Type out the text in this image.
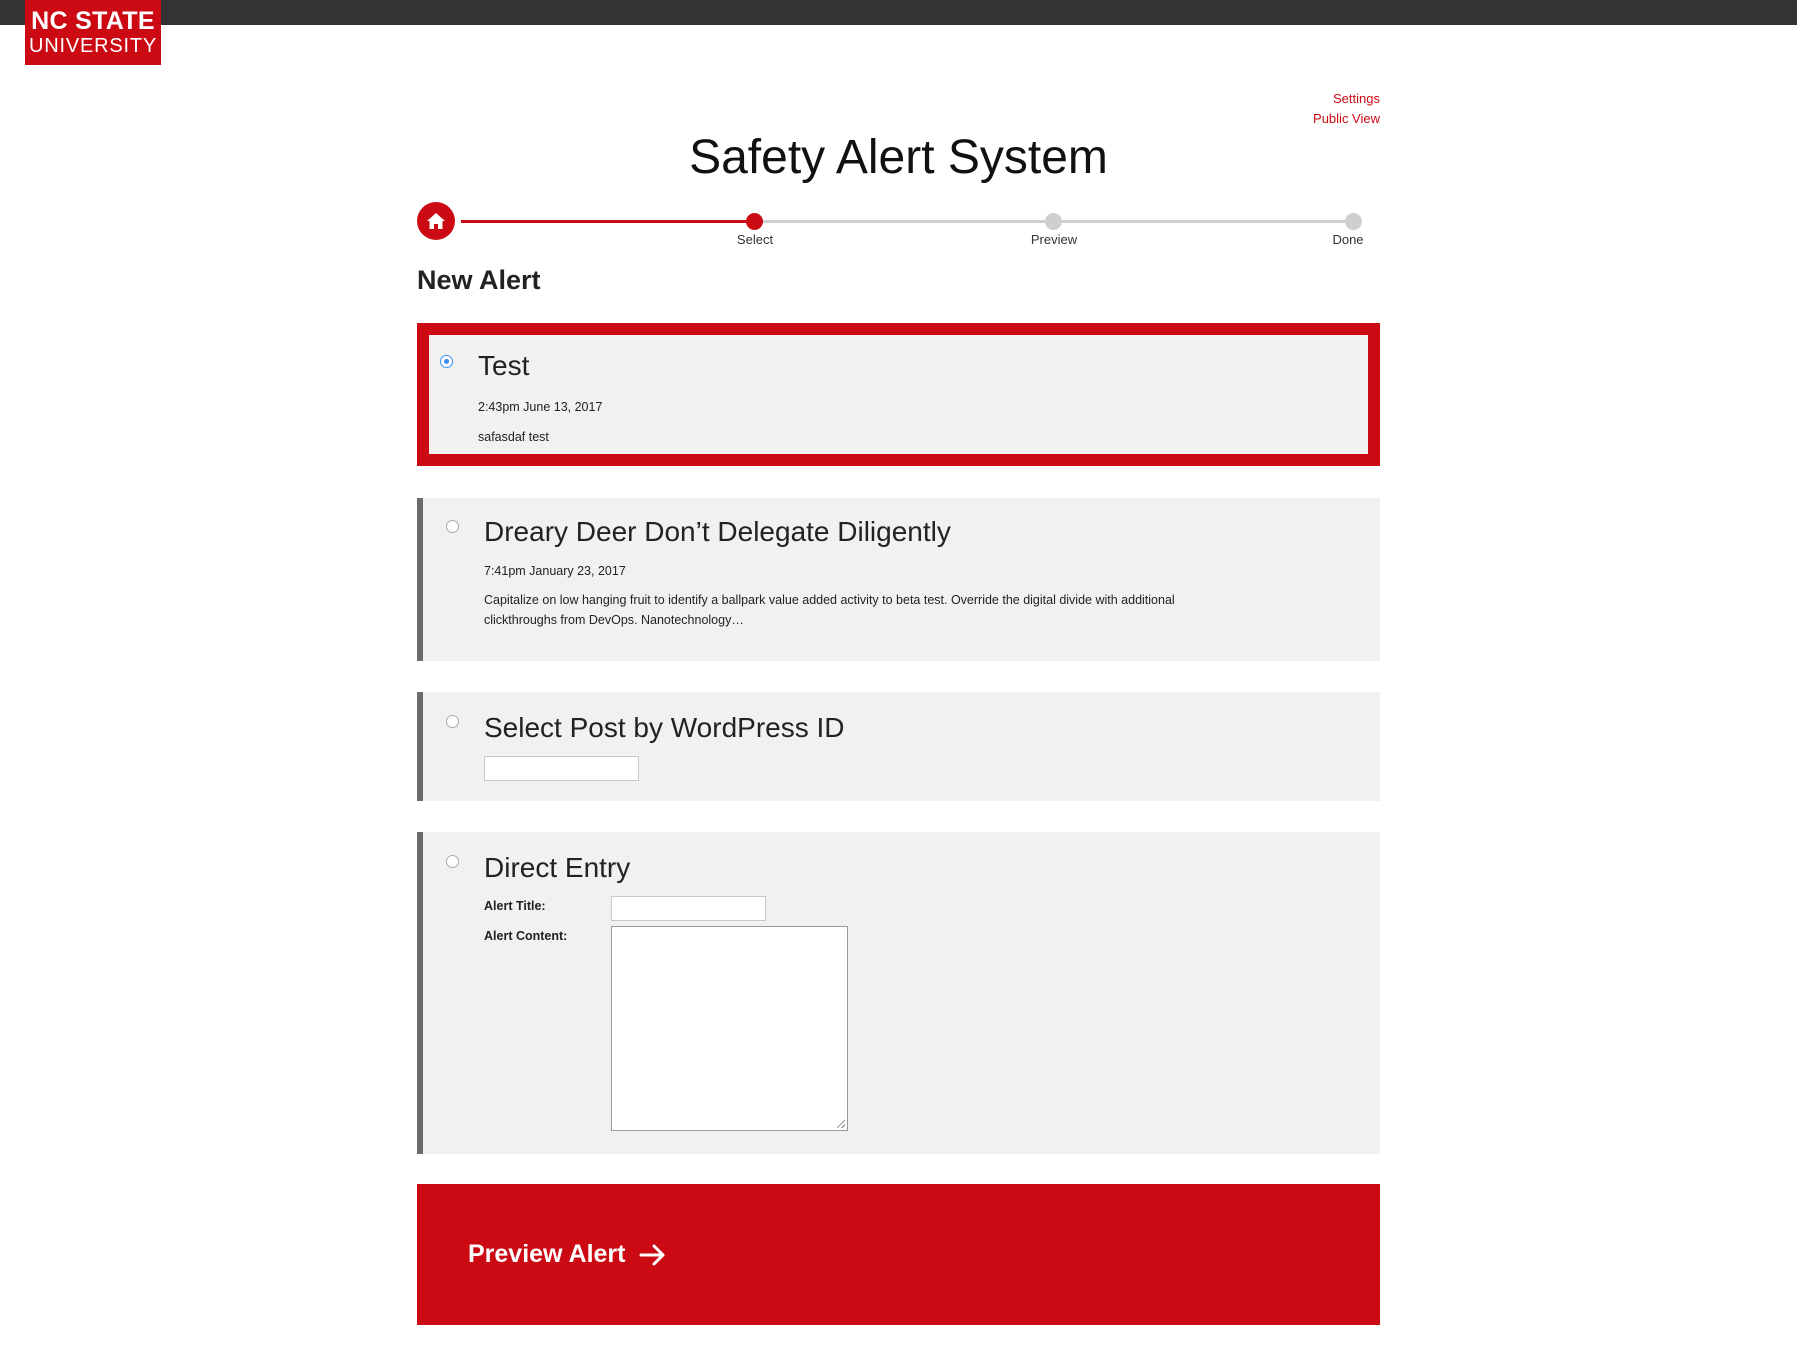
NC STATE
UNIVERSITY
Settings
Public View
Safety Alert System
Select	Preview	Done
New Alert
Test
2:43pm June 13, 2017
safasdaf test
Dreary Deer Don’t Delegate Diligently
7:41pm January 23, 2017
Capitalize on low hanging fruit to identify a ballpark value added activity to beta test. Override the digital divide with additional clickthroughs from DevOps. Nanotechnology…
Select Post by WordPress ID
Direct Entry
Alert Title:
Alert Content:
Preview Alert
